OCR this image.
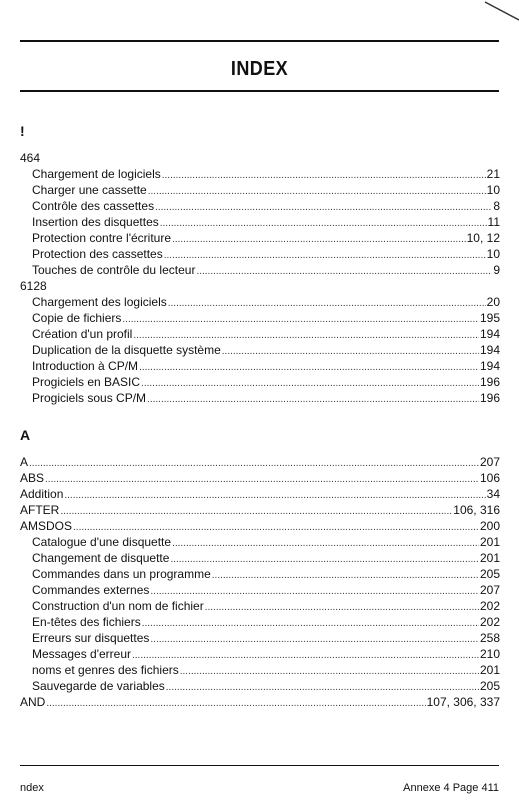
INDEX
!
464
Chargement de logiciels .....	21
Charger une cassette .....	10
Contrôle des cassettes .....	8
Insertion des disquettes .....	11
Protection contre l'écriture .....	10, 12
Protection des cassettes .....	10
Touches de contrôle du lecteur .....	9
6128
Chargement des logiciels .....	20
Copie de fichiers .....	195
Création d'un profil .....	194
Duplication de la disquette système .....	194
Introduction à CP/M .....	194
Progiciels en BASIC .....	196
Progiciels sous CP/M .....	196
A
A .....	207
ABS .....	106
Addition .....	34
AFTER .....	106, 316
AMSDOS .....	200
Catalogue d'une disquette .....	201
Changement de disquette .....	201
Commandes dans un programme .....	205
Commandes externes .....	207
Construction d'un nom de fichier .....	202
En-têtes des fichiers .....	202
Erreurs sur disquettes .....	258
Messages d'erreur .....	210
noms et genres des fichiers .....	201
Sauvegarde de variables .....	205
AND .....	107, 306, 337
ndex	Annexe 4 Page 411
